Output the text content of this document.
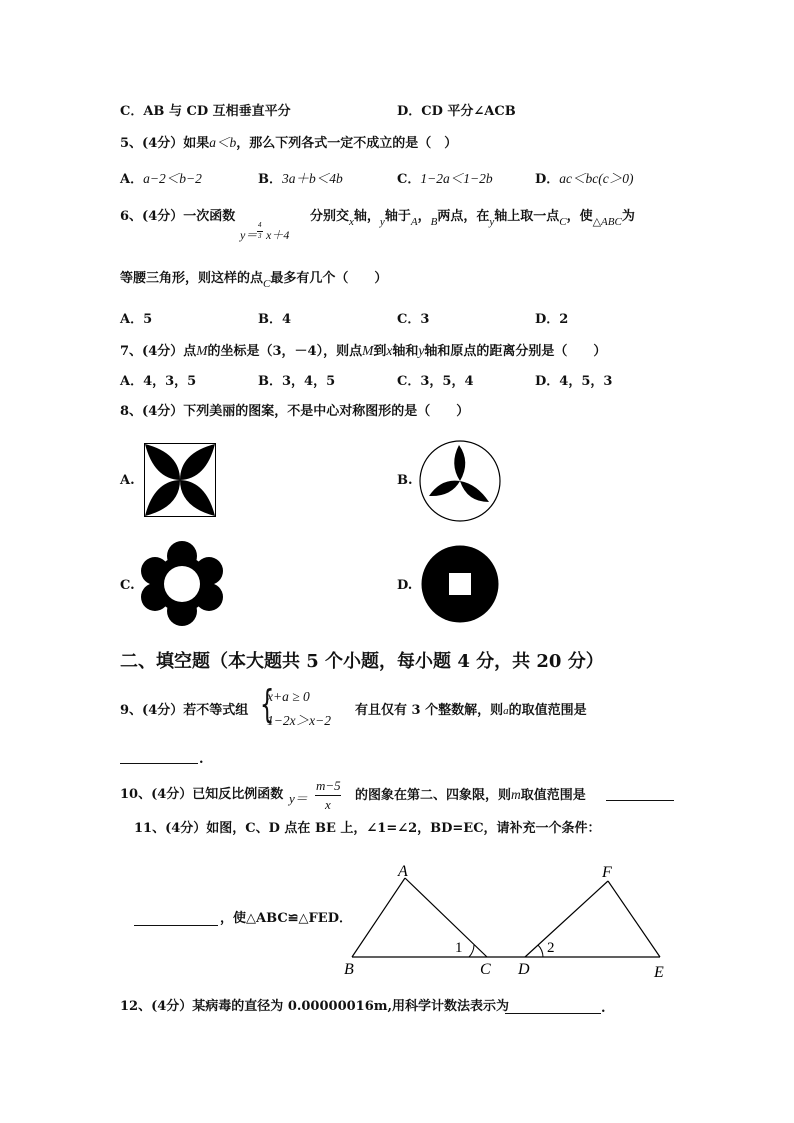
C．AB 与 CD 互相垂直平分	D．CD 平分∠ACB
5、(4分）如果a＜b，那么下列各式一定不成立的是（　）
A．a−2＜b−2	B．3a＋b＜4b	C．1−2a＜1−2b	D．ac＜bc(c＞0)
6、(4分）一次函数
y＝
4
3 x＋4
分别交$_x$轴，$_y$轴于$_A$，$_B$两点，在$_y$轴上取一点$_C$，使$_{\triangle ABC}$为
等腰三角形，则这样的点$_C$最多有几个（　　）
A．5	B．4	C．3	D．2
7、(4分）点M的坐标是（3，－4），则点M到x轴和y轴和原点的距离分别是（　　）
A．4，3，5	B．3，4，5	C．3，5，4	D．4，5，3
8、(4分）下列美丽的图案，不是中心对称图形的是（　　）
A.	B.
C.	D.
二、填空题（本大题共 5 个小题，每小题 4 分，共 20 分）
9、(4分）若不等式组 {
x+a ≥ 0
1−2x＞x−2
有且仅有 3 个整数解，则a的取值范围是
.
10、(4分）已知反比例函数 y＝
m−5
x
的图象在第二、四象限，则m取值范围是
11、(4分）如图，C、D 点在 BE 上，∠1=∠2，BD=EC，请补充一个条件：
，使△ABC≌△FED．
A
B	C D	E
F
1	2
12、(4分）某病毒的直径为 0.00000016m,用科学计数法表示为	.
